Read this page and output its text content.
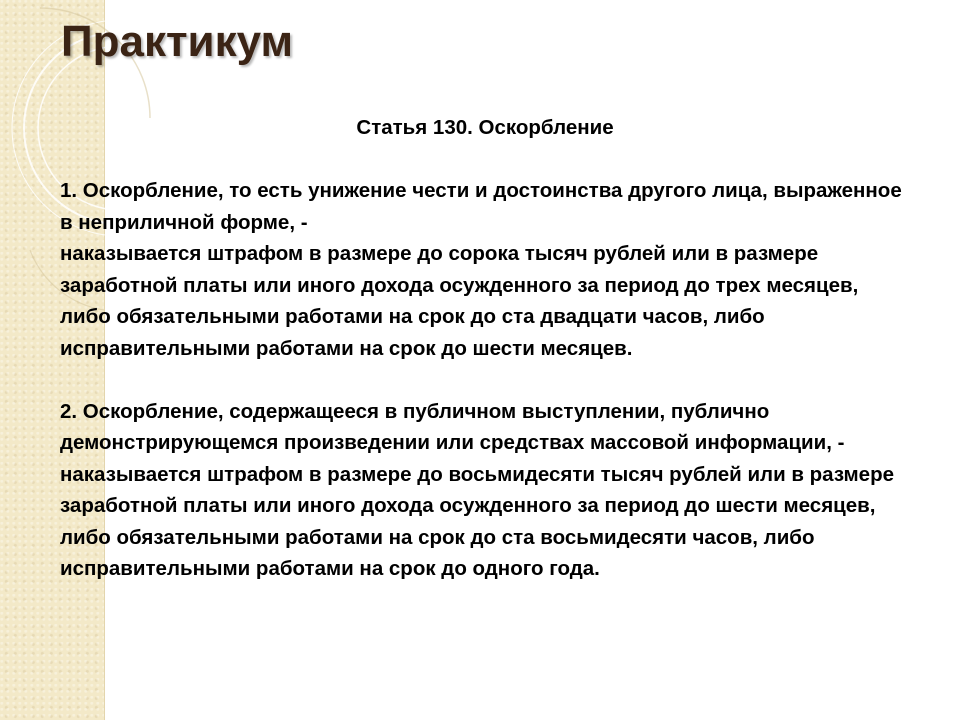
Практикум

Статья 130. Оскорбление

1. Оскорбление, то есть унижение чести и достоинства другого лица, выраженное в неприличной форме, -

наказывается штрафом в размере до сорока тысяч рублей или в размере заработной платы или иного дохода осужденного за период до трех месяцев, либо обязательными работами на срок до ста двадцати часов, либо исправительными работами на срок до шести месяцев.

2. Оскорбление, содержащееся в публичном выступлении, публично демонстрирующемся произведении или средствах массовой информации, -

наказывается штрафом в размере до восьмидесяти тысяч рублей или в размере заработной платы или иного дохода осужденного за период до шести месяцев, либо обязательными работами на срок до ста восьмидесяти часов, либо исправительными работами на срок до одного года.
